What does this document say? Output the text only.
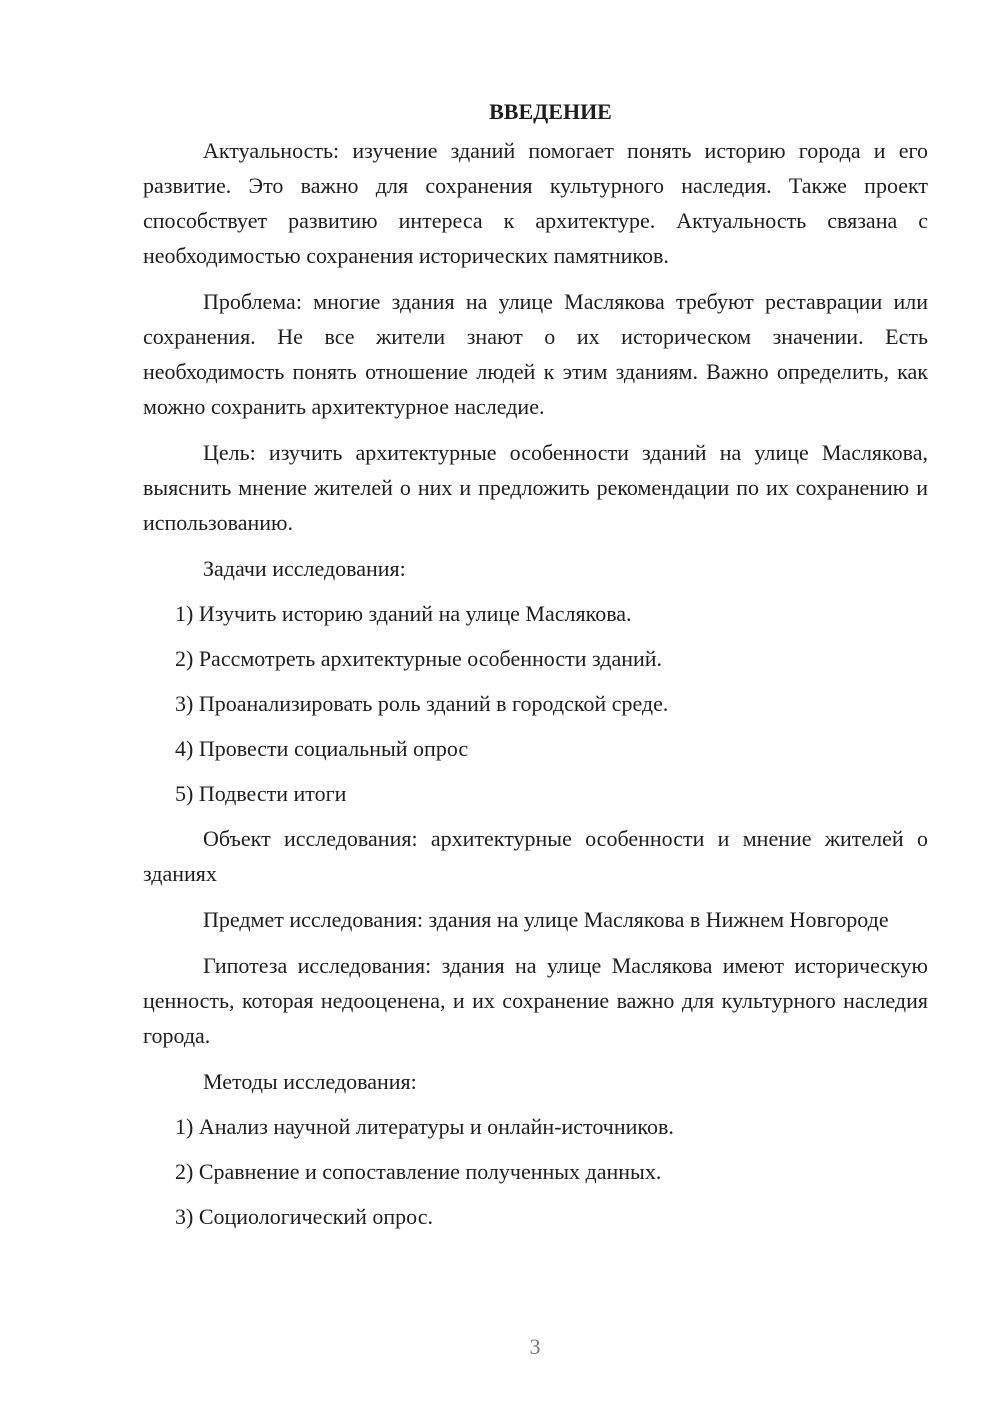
ВВЕДЕНИЕ

Актуальность: изучение зданий помогает понять историю города и его развитие. Это важно для сохранения культурного наследия. Также проект способствует развитию интереса к архитектуре. Актуальность связана с необходимостью сохранения исторических памятников.

Проблема: многие здания на улице Маслякова требуют реставрации или сохранения. Не все жители знают о их историческом значении. Есть необходимость понять отношение людей к этим зданиям. Важно определить, как можно сохранить архитектурное наследие.

Цель: изучить архитектурные особенности зданий на улице Маслякова, выяснить мнение жителей о них и предложить рекомендации по их сохранению и использованию.

Задачи исследования:
1) Изучить историю зданий на улице Маслякова.
2) Рассмотреть архитектурные особенности зданий.
3) Проанализировать роль зданий в городской среде.
4) Провести социальный опрос
5) Подвести итоги

Объект исследования: архитектурные особенности и мнение жителей о зданиях

Предмет исследования: здания на улице Маслякова в Нижнем Новгороде

Гипотеза исследования: здания на улице Маслякова имеют историческую ценность, которая недооценена, и их сохранение важно для культурного наследия города.

Методы исследования:
1) Анализ научной литературы и онлайн-источников.
2) Сравнение и сопоставление полученных данных.
3) Социологический опрос.
3
